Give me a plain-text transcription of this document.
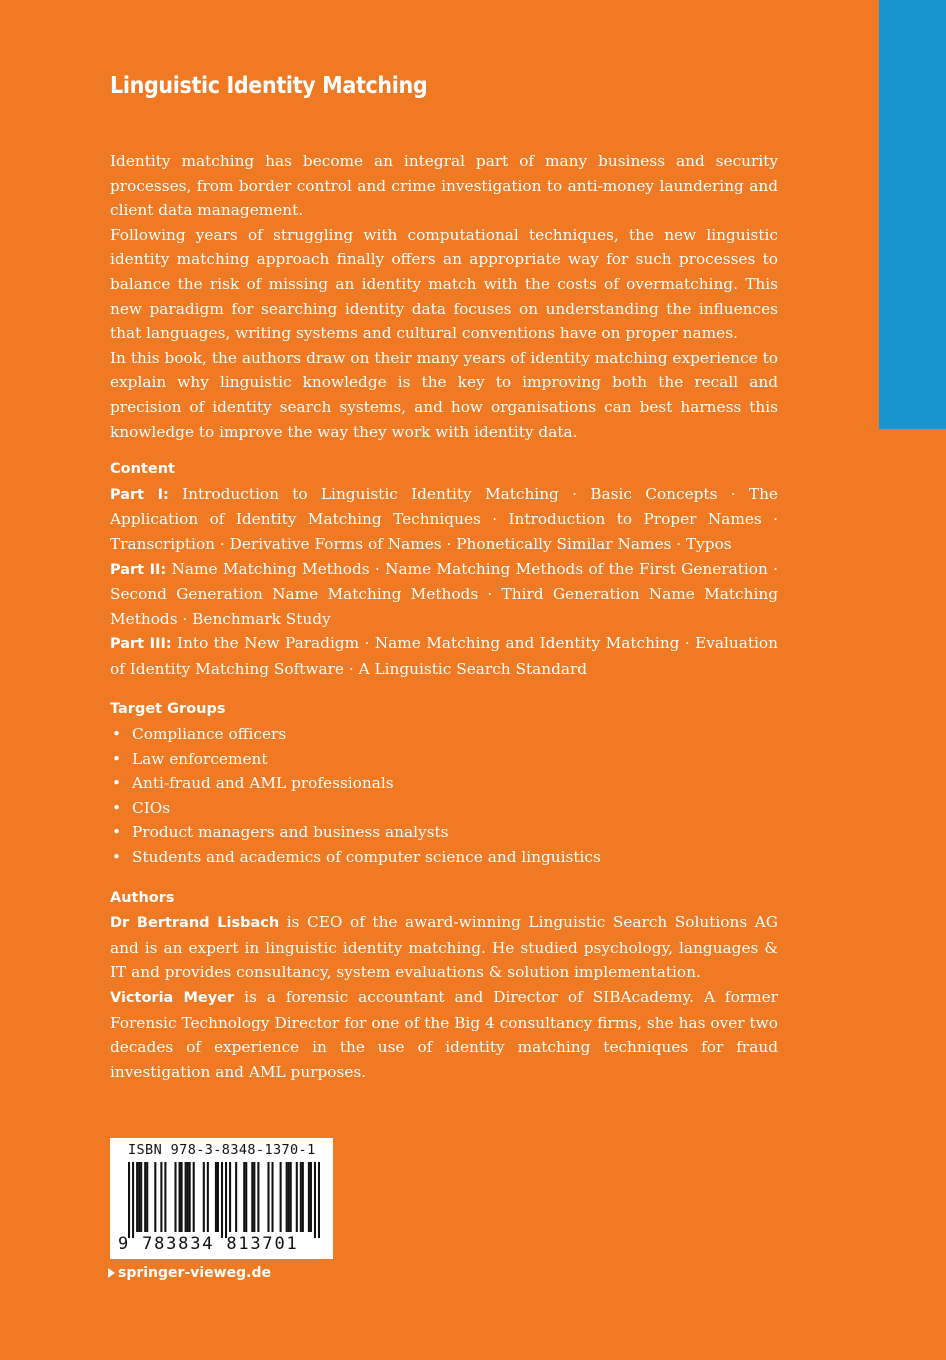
Linguistic Identity Matching

Identity matching has become an integral part of many business and security processes, from border control and crime investigation to anti-money laundering and client data management.

Following years of struggling with computational techniques, the new linguistic identity matching approach finally offers an appropriate way for such processes to balance the risk of missing an identity match with the costs of overmatching. This new paradigm for searching identity data focuses on understanding the influences that languages, writing systems and cultural conventions have on proper names.

In this book, the authors draw on their many years of identity matching experience to explain why linguistic knowledge is the key to improving both the recall and precision of identity search systems, and how organisations can best harness this knowledge to improve the way they work with identity data.

Content

Part I: Introduction to Linguistic Identity Matching · Basic Concepts · The Application of Identity Matching Techniques · Introduction to Proper Names · Transcription · Derivative Forms of Names · Phonetically Similar Names · Typos

Part II: Name Matching Methods · Name Matching Methods of the First Generation · Second Generation Name Matching Methods · Third Generation Name Matching Methods · Benchmark Study

Part III: Into the New Paradigm · Name Matching and Identity Matching · Evaluation of Identity Matching Software · A Linguistic Search Standard

Target Groups

• Compliance officers
• Law enforcement
• Anti-fraud and AML professionals
• CIOs
• Product managers and business analysts
• Students and academics of computer science and linguistics

Authors

Dr Bertrand Lisbach is CEO of the award-winning Linguistic Search Solutions AG and is an expert in linguistic identity matching. He studied psychology, languages & IT and provides consultancy, system evaluations & solution implementation.

Victoria Meyer is a forensic accountant and Director of SIBAcademy. A former Forensic Technology Director for one of the Big 4 consultancy firms, she has over two decades of experience in the use of identity matching techniques for fraud investigation and AML purposes.

ISBN 978-3-8348-1370-1
9 783834 813701
springer-vieweg.de
